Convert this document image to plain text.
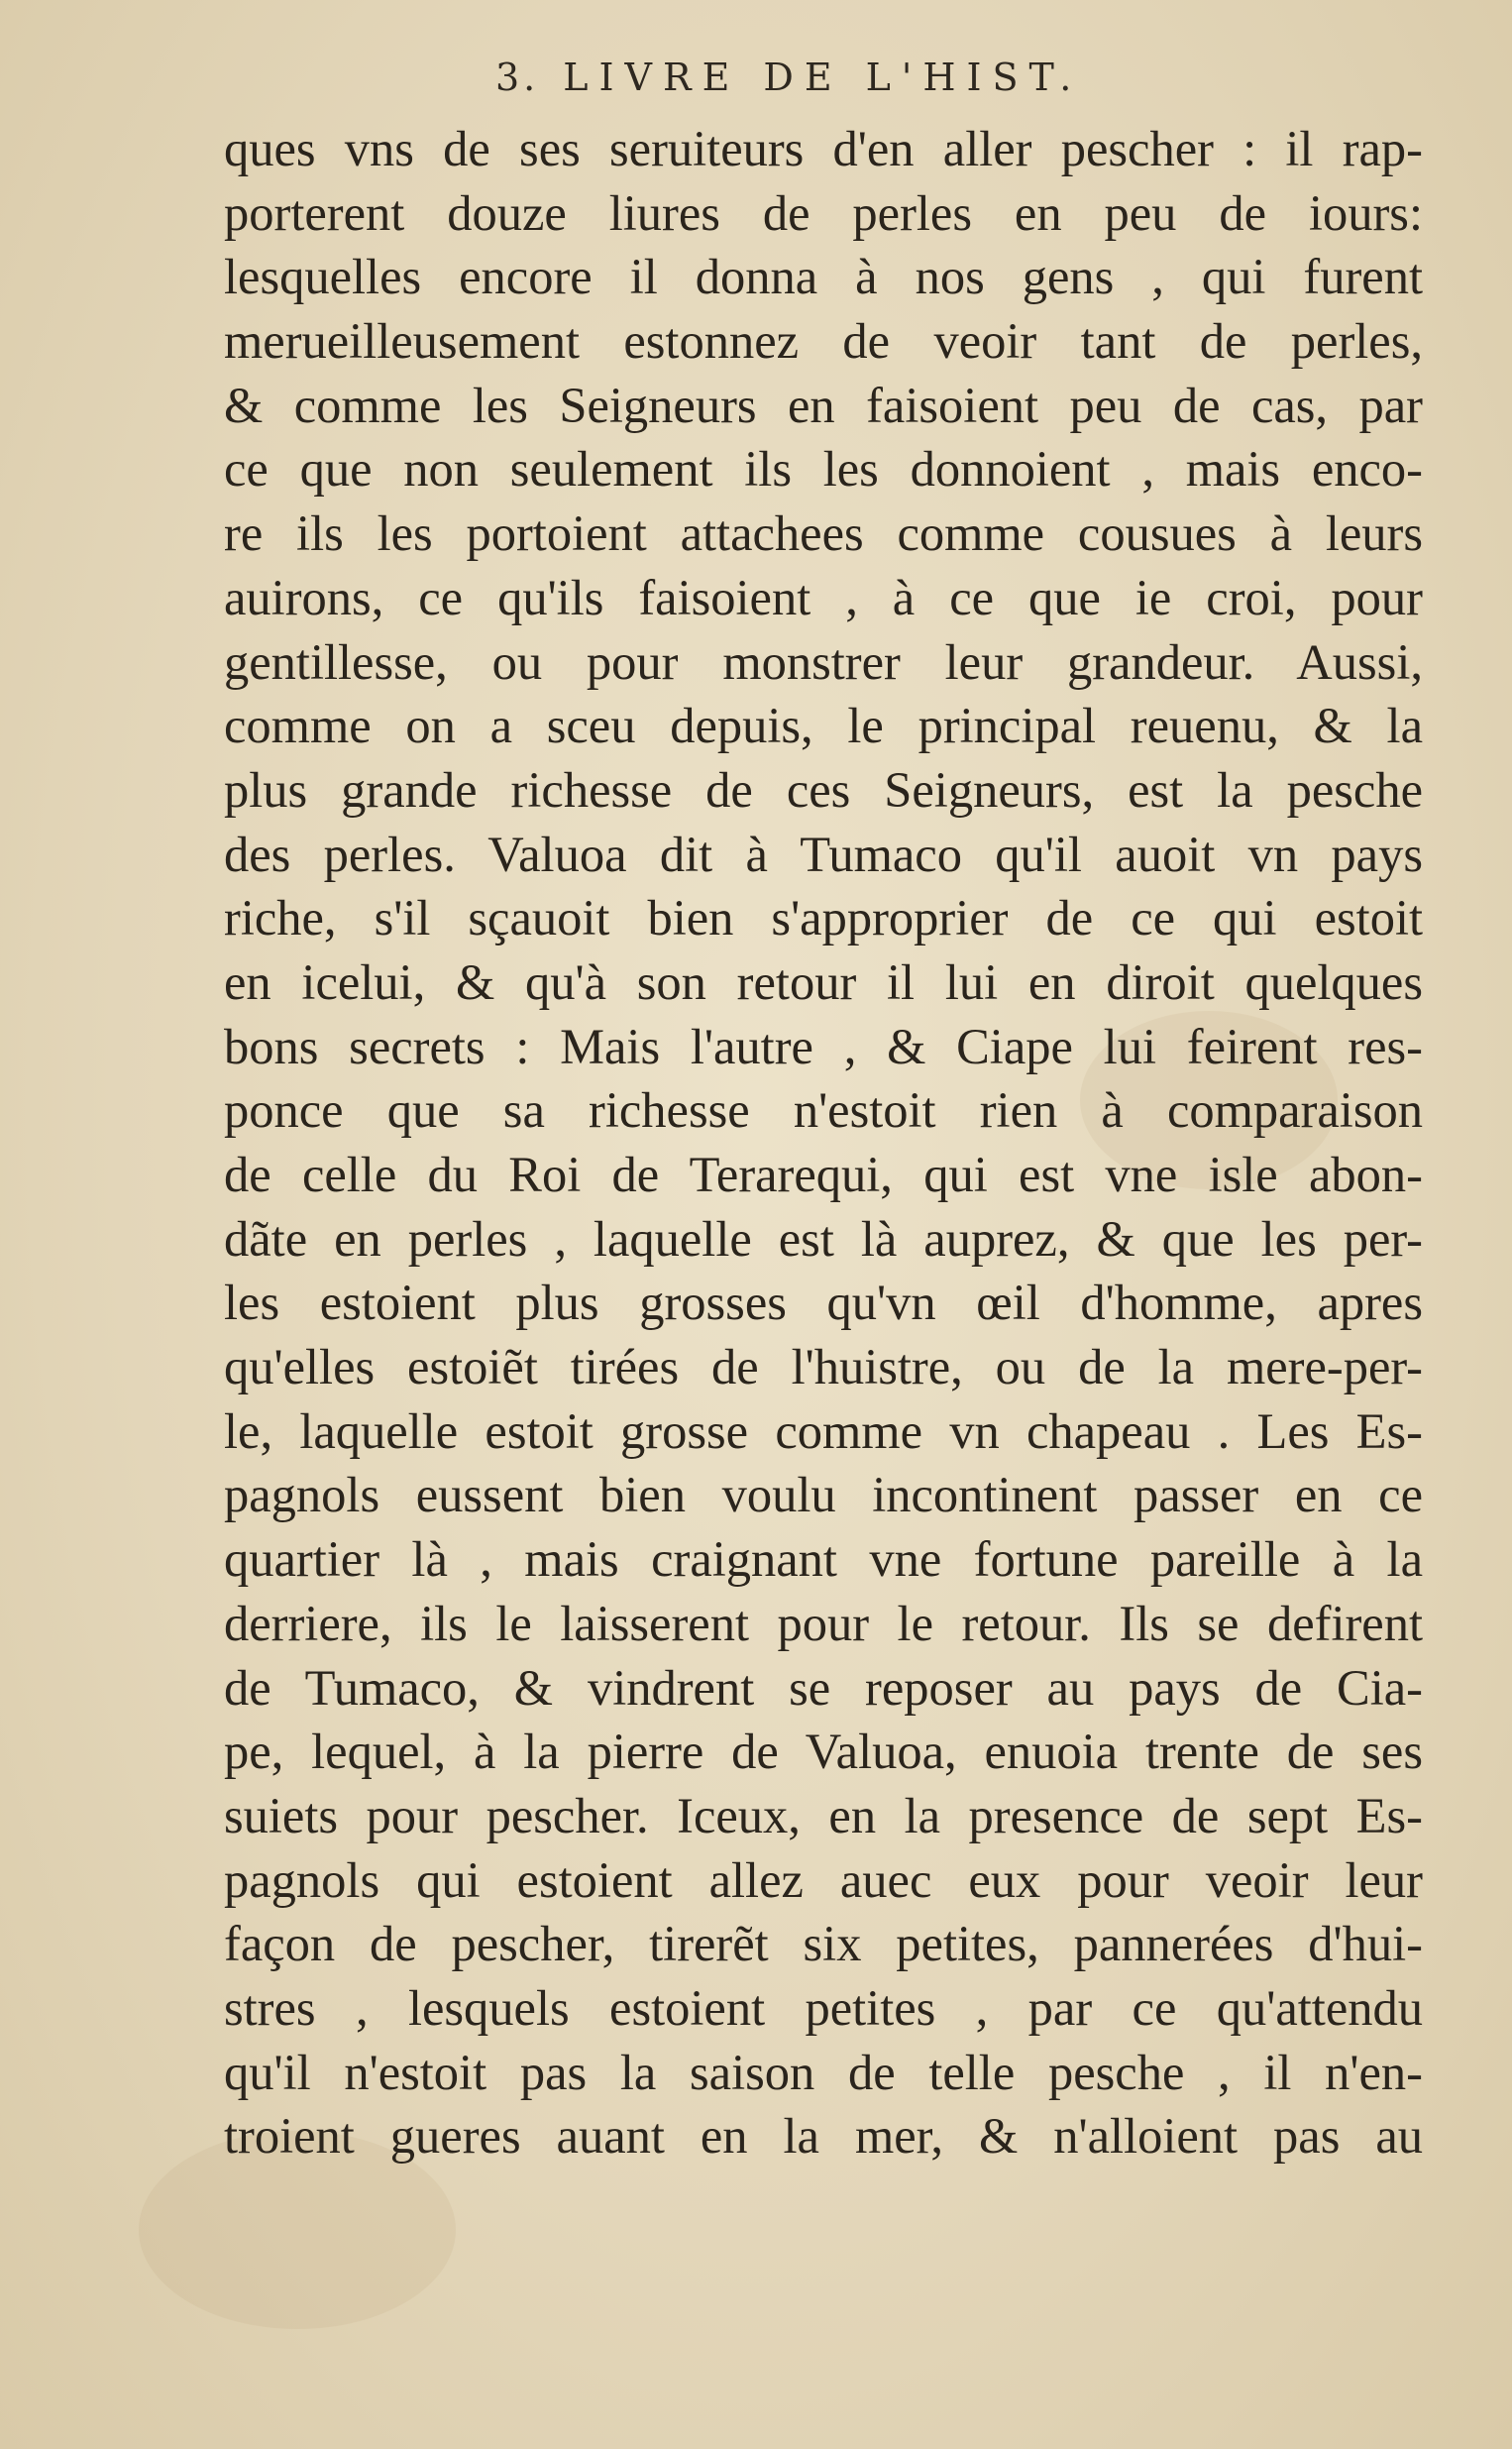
3. LIVRE DE L'HIST.
ques vns de ses seruiteurs d'en aller pescher : il rap-
porterent douze liures de perles en peu de iours:
lesquelles encore il donna à nos gens , qui furent
merueilleusement estonnez de veoir tant de perles,
& comme les Seigneurs en faisoient peu de cas, par
ce que non seulement ils les donnoient , mais enco-
re ils les portoient attachees comme cousues à leurs
auirons, ce qu'ils faisoient , à ce que ie croi, pour
gentillesse, ou pour monstrer leur grandeur. Aussi,
comme on a sceu depuis, le principal reuenu, & la
plus grande richesse de ces Seigneurs, est la pesche
des perles. Valuoa dit à Tumaco qu'il auoit vn pays
riche, s'il sçauoit bien s'approprier de ce qui estoit
en icelui, & qu'à son retour il lui en diroit quelques
bons secrets : Mais l'autre , & Ciape lui feirent res-
ponce que sa richesse n'estoit rien à comparaison
de celle du Roi de Terarequi, qui est vne isle abon-
dãte en perles , laquelle est là auprez, & que les per-
les estoient plus grosses qu'vn œil d'homme, apres
qu'elles estoiẽt tirées de l'huistre, ou de la mere-per-
le, laquelle estoit grosse comme vn chapeau . Les Es-
pagnols eussent bien voulu incontinent passer en ce
quartier là , mais craignant vne fortune pareille à la
derriere, ils le laisserent pour le retour. Ils se defirent
de Tumaco, & vindrent se reposer au pays de Cia-
pe, lequel, à la pierre de Valuoa, enuoia trente de ses
suiets pour pescher. Iceux, en la presence de sept Es-
pagnols qui estoient allez auec eux pour veoir leur
façon de pescher, tirerẽt six petites, pannerées d'hui-
stres , lesquels estoient petites , par ce qu'attendu
qu'il n'estoit pas la saison de telle pesche , il n'en-
troient gueres auant en la mer, & n'alloient pas au
